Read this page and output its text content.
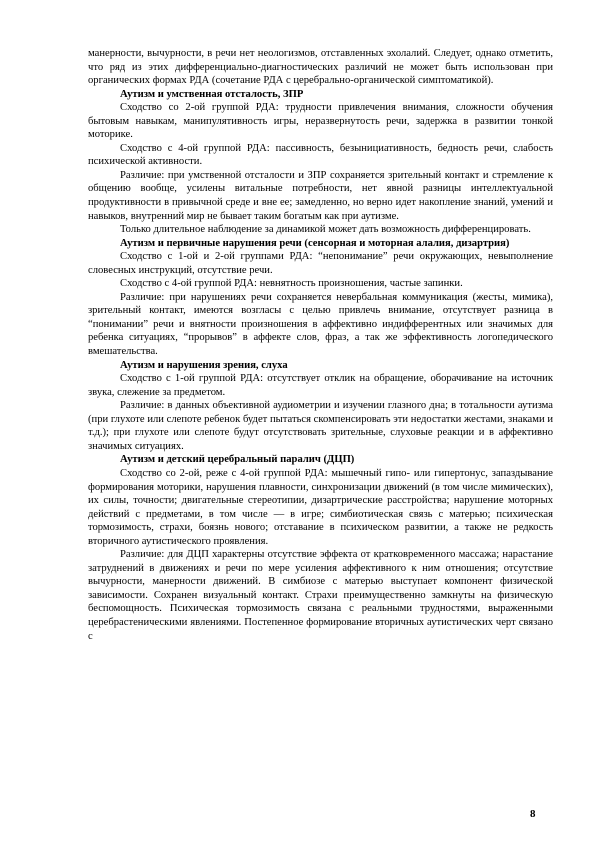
манерности, вычурности, в речи нет неологизмов, отставленных эхолалий. Следует, однако отметить, что ряд из этих дифференциально-диагностических различий не может быть использован при органических формах РДА (сочетание РДА с церебрально-органической симптоматикой).

Аутизм и умственная отсталость, ЗПР

Сходство со 2-ой группой РДА: трудности привлечения внимания, сложности обучения бытовым навыкам, манипулятивность игры, неразвернутость речи, задержка в развитии тонкой моторике.

Сходство с 4-ой группой РДА: пассивность, безынициативность, бедность речи, слабость психической активности.

Различие: при умственной отсталости и ЗПР сохраняется зрительный контакт и стремление к общению вообще, усилены витальные потребности, нет явной разницы интеллектуальной продуктивности в привычной среде и вне ее; замедленно, но верно идет накопление знаний, умений и навыков, внутренний мир не бывает таким богатым как при аутизме.

Только длительное наблюдение за динамикой может дать возможность дифференцировать.

Аутизм и первичные нарушения речи (сенсорная и моторная алалия, дизартрия)

Сходство с 1-ой и 2-ой группами РДА: “непонимание” речи окружающих, невыполнение словесных инструкций, отсутствие речи.

Сходство с 4-ой группой РДА: невнятность произношения, частые запинки.

Различие: при нарушениях речи сохраняется невербальная коммуникация (жесты, мимика), зрительный контакт, имеются возгласы с целью привлечь внимание, отсутствует разница в “понимании” речи и внятности произношения в аффективно индифферентных или значимых для ребенка ситуациях, “прорывов” в аффекте слов, фраз, а так же эффективность логопедического вмешательства.

Аутизм и нарушения зрения, слуха

Сходство с 1-ой группой РДА: отсутствует отклик на обращение, оборачивание на источник звука, слежение за предметом.

Различие: в данных объективной аудиометрии и изучении глазного дна; в тотальности аутизма (при глухоте или слепоте ребенок будет пытаться скомпенсировать эти недостатки жестами, знаками и т.д.); при глухоте или слепоте будут отсутствовать зрительные, слуховые реакции и в аффективно значимых ситуациях.

Аутизм и детский церебральный паралич (ДЦП)

Сходство со 2-ой, реже с 4-ой группой РДА: мышечный гипо- или гипертонус, запаздывание формирования моторики, нарушения плавности, синхронизации движений (в том числе мимических), их силы, точности; двигательные стереотипии, дизартрические расстройства; нарушение моторных действий с предметами, в том числе — в игре; симбиотическая связь с матерью; психическая тормозимость, страхи, боязнь нового; отставание в психическом развитии, а также не редкость вторичного аутистического проявления.

Различие: для ДЦП характерны отсутствие эффекта от кратковременного массажа; нарастание затруднений в движениях и речи по мере усиления аффективного к ним отношения; отсутствие вычурности, манерности движений. В симбиозе с матерью выступает компонент физической зависимости. Сохранен визуальный контакт. Страхи преимущественно замкнуты на физическую беспомощность. Психическая тормозимость связана с реальными трудностями, выраженными церебрастеническими явлениями. Постепенное формирование вторичных аутистических черт связано с

8
